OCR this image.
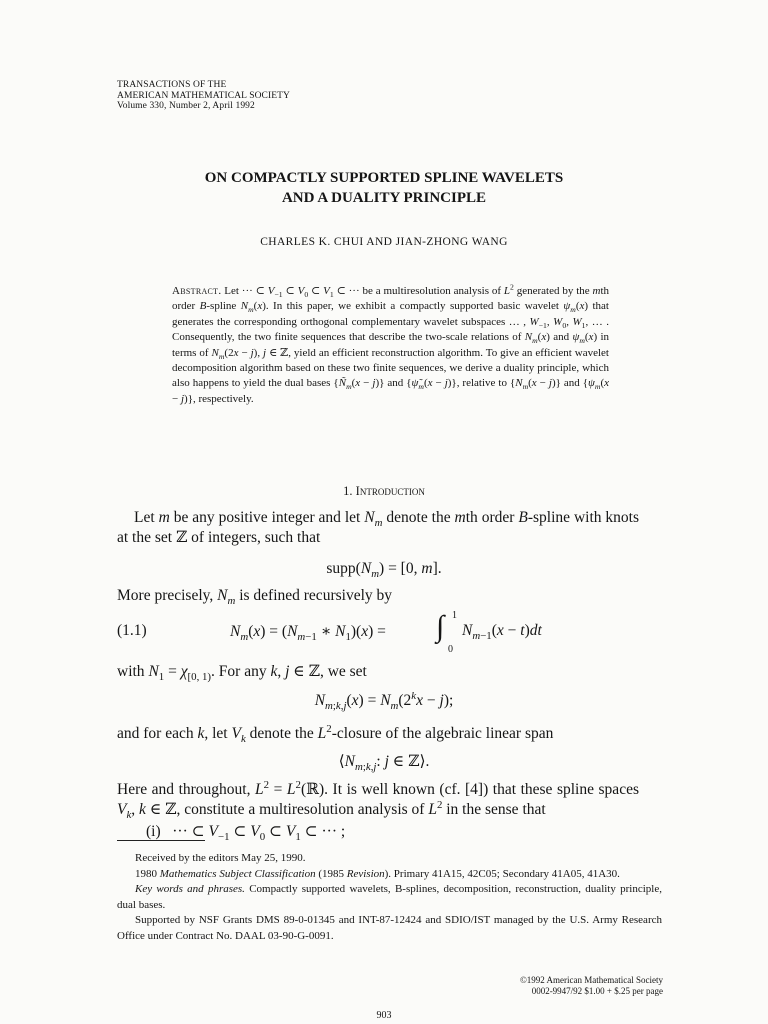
TRANSACTIONS OF THE
AMERICAN MATHEMATICAL SOCIETY
Volume 330, Number 2, April 1992
ON COMPACTLY SUPPORTED SPLINE WAVELETS
AND A DUALITY PRINCIPLE
CHARLES K. CHUI AND JIAN-ZHONG WANG
Abstract. Let ··· ⊂ $V_{-1}$ ⊂ $V_0$ ⊂ $V_1$ ⊂ ··· be a multiresolution analysis of $L^2$ generated by the mth order B-spline $N_m(x)$. In this paper, we exhibit a compactly supported basic wavelet $\psi_m(x)$ that generates the corresponding orthogonal complementary wavelet subspaces … , $W_{-1}$, $W_0$, $W_1$, … . Consequently, the two finite sequences that describe the two-scale relations of $N_m(x)$ and $\psi_m(x)$ in terms of $N_m(2x - j)$, j ∈ ℤ, yield an efficient reconstruction algorithm. To give an efficient wavelet decomposition algorithm based on these two finite sequences, we derive a duality principle, which also happens to yield the dual bases $\{Ñ_m(x - j)\}$ and $\{\psĩ_m(x - j)\}$, relative to $\{N_m(x - j)\}$ and $\{\psi_m(x - j)\}$, respectively.
1. Introduction
Let m be any positive integer and let $N_m$ denote the mth order B-spline with knots at the set ℤ of integers, such that
$supp(N_m) = [0$, m].
More precisely, $N_m$ is defined recursively by
(1.1)	$N_m(x) = (N_{m-1}$ ∗ $N_1)(x)$ = ∫ 1
0
$N_{m-1}(x - t)dt$
with $N_1 = \chi_{[0, 1)}$. For any k, j ∈ ℤ, we set
$N_{m;k,j}(x) = N_m(2^kx - j)$;
and for each k, let $V_k$ denote the $L^2$-closure of the algebraic linear span
$⟨N_{m;k,j}$: j ∈ ℤ⟩.
Here and throughout, $L^2$ = $L^2(ℝ)$. It is well known (cf. [4]) that these spline spaces $V_k$, k ∈ ℤ, constitute a multiresolution analysis of $L^2$ in the sense that
(i)   ··· ⊂ $V_{-1}$ ⊂ $V_0$ ⊂ $V_1$ ⊂ ··· ;

Received by the editors May 25, 1990.

1980 Mathematics Subject Classification (1985 Revision). Primary 41A15, 42C05; Secondary 41A05, 41A30.

Key words and phrases. Compactly supported wavelets, B-splines, decomposition, reconstruction, duality principle, dual bases.

Supported by NSF Grants DMS 89-0-01345 and INT-87-12424 and SDIO/IST managed by the U.S. Army Research Office under Contract No. DAAL 03-90-G-0091.

©1992 American Mathematical Society
0002-9947/92 $1.00 + $.25 per page
903
